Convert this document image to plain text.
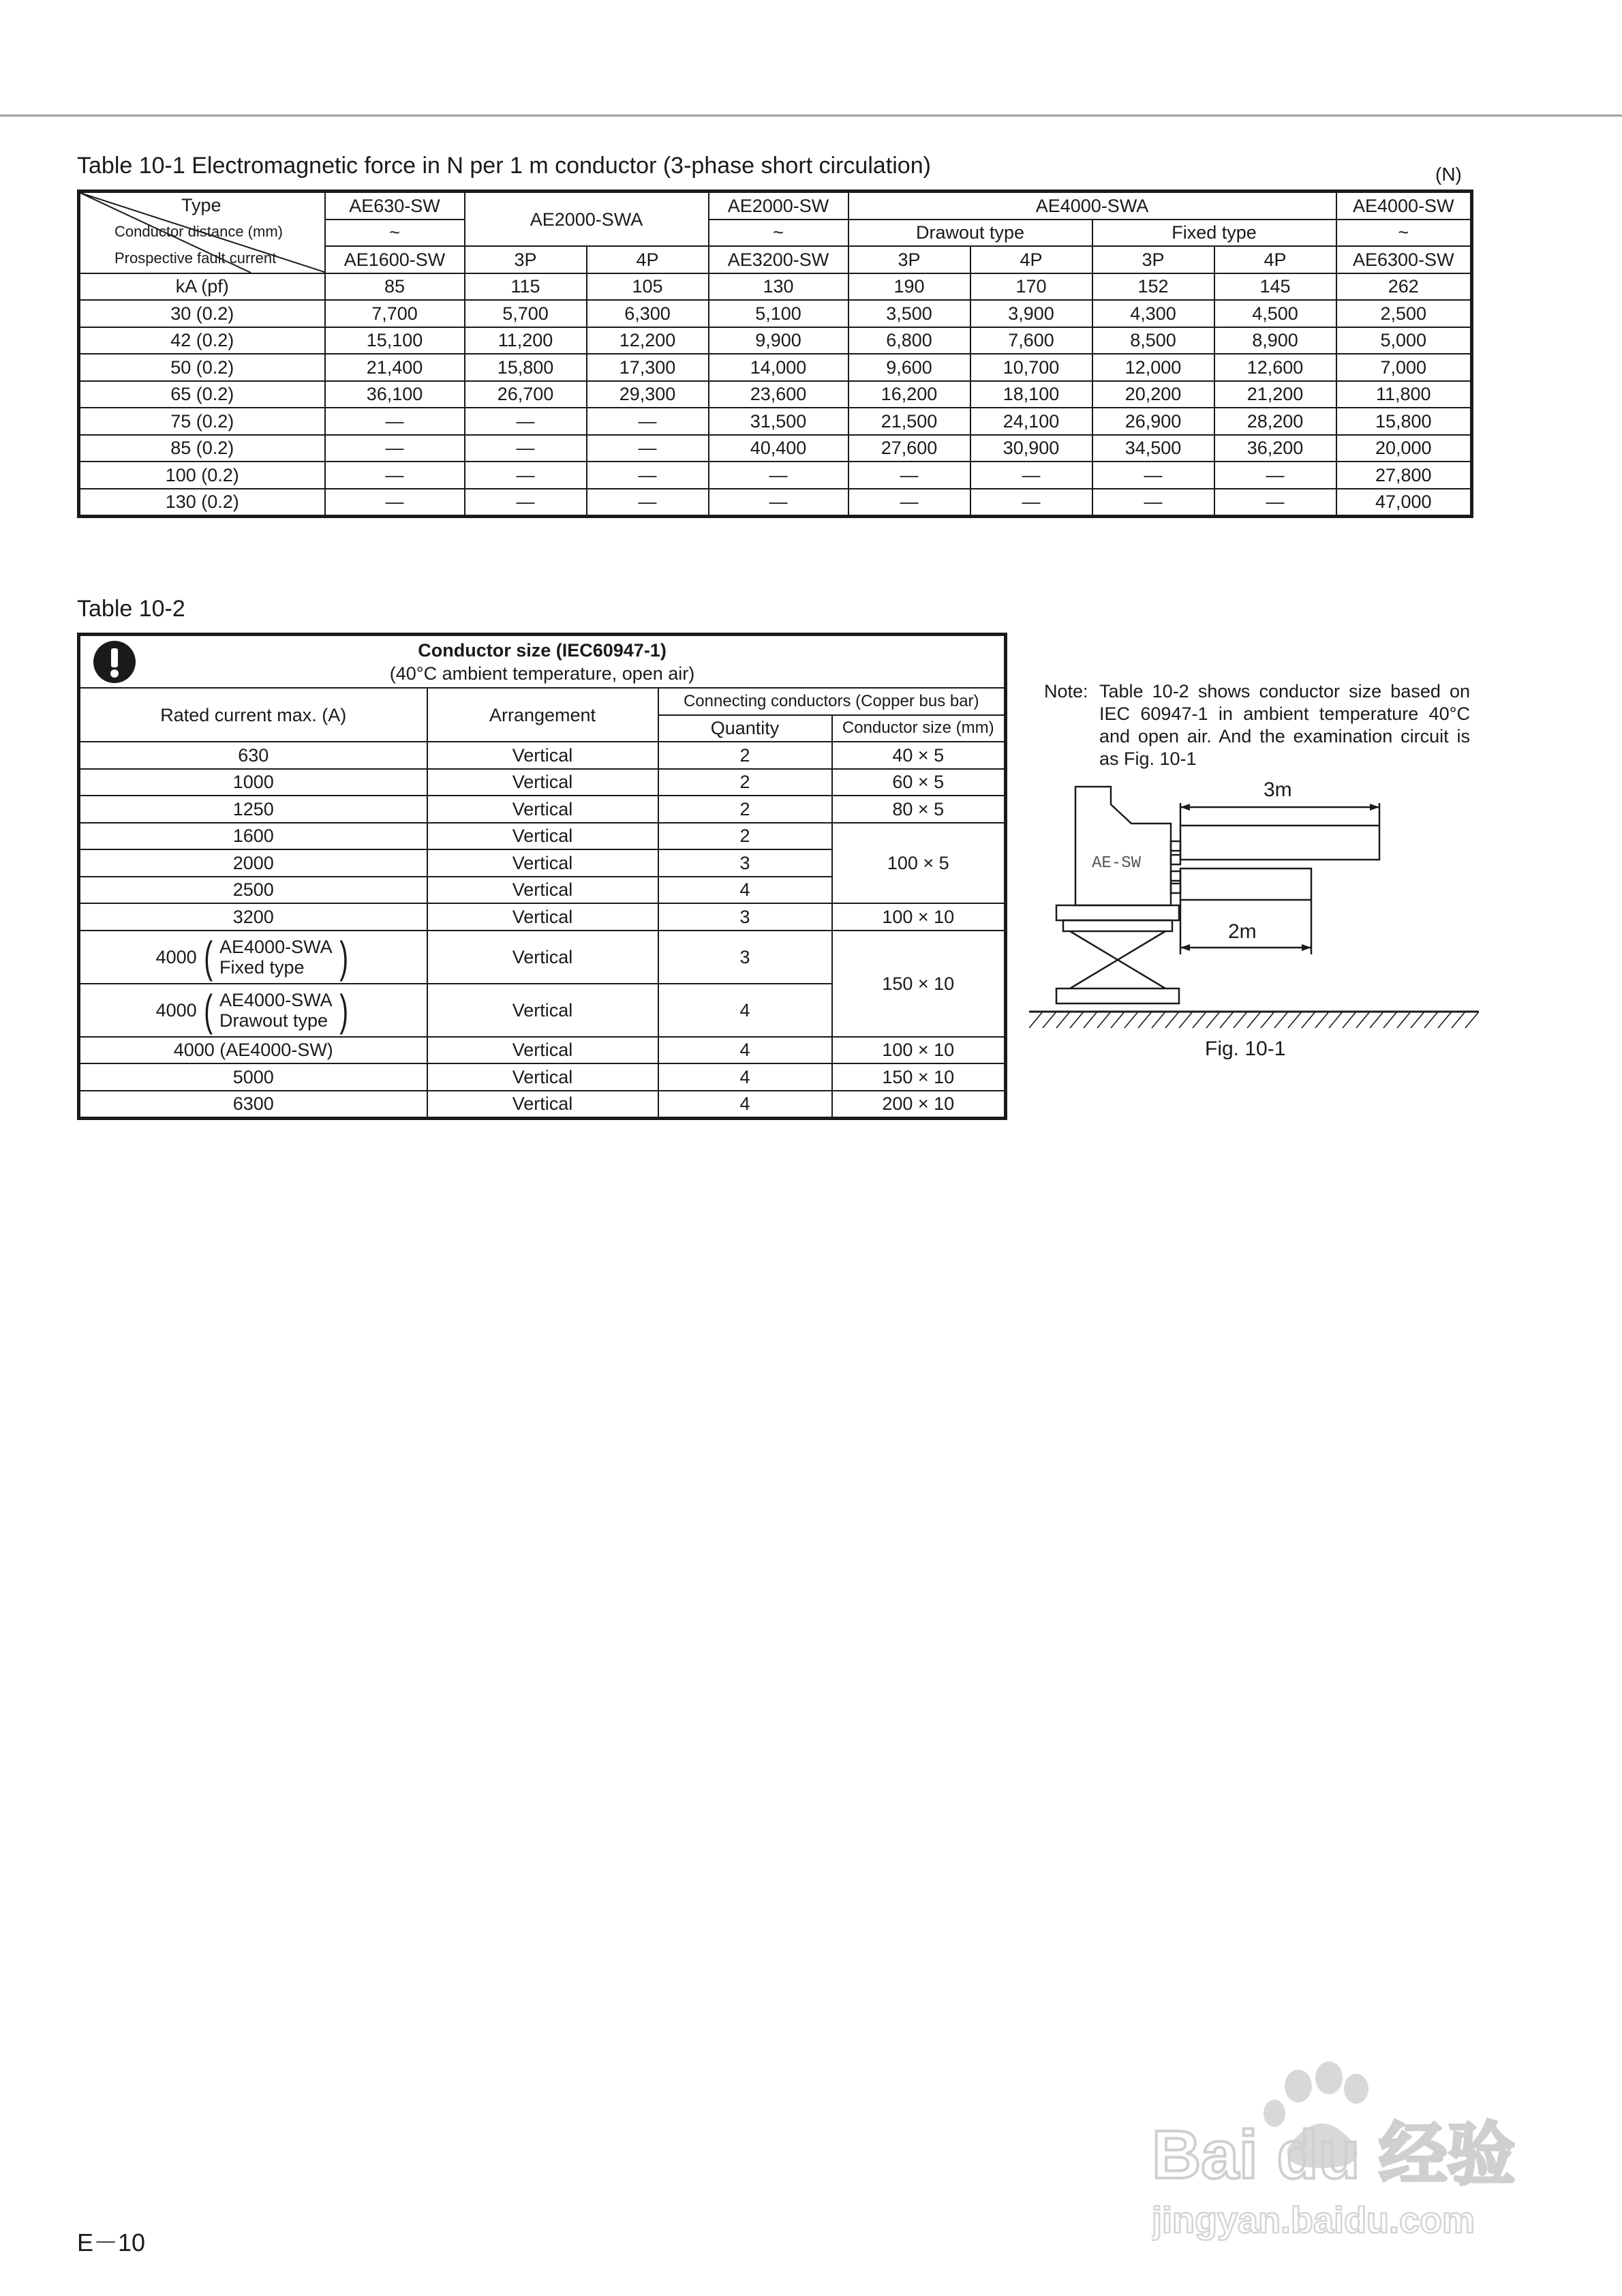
Table 10-1 Electromagnetic force in N per 1 m conductor (3-phase short circulation)	(N)
Type
Conductor distance (mm)
Prospective fault current	AE630-SW	AE2000-SWA		AE2000-SW	AE4000-SWA				AE4000-SW
	~			~	Drawout type		Fixed type		~
	AE1600-SW	3P	4P	AE3200-SW	3P	4P	3P	4P	AE6300-SW
kA (pf)	85	115	105	130	190	170	152	145	262
30 (0.2)	7,700	5,700	6,300	5,100	3,500	3,900	4,300	4,500	2,500
42 (0.2)	15,100	11,200	12,200	9,900	6,800	7,600	8,500	8,900	5,000
50 (0.2)	21,400	15,800	17,300	14,000	9,600	10,700	12,000	12,600	7,000
65 (0.2)	36,100	26,700	29,300	23,600	16,200	18,100	20,200	21,200	11,800
75 (0.2)	—	—	—	31,500	21,500	24,100	26,900	28,200	15,800
85 (0.2)	—	—	—	40,400	27,600	30,900	34,500	36,200	20,000
100 (0.2)	—	—	—	—	—	—	—	—	27,800
130 (0.2)	—	—	—	—	—	—	—	—	47,000
Table 10-2
Conductor size (IEC60947-1)
(40°C ambient temperature, open air)			

Rated current max. (A)	Arrangement	Connecting conductors (Copper bus bar)	
		Quantity	Conductor size (mm)
630	Vertical	2	40 × 5
1000	Vertical	2	60 × 5
1250	Vertical	2	80 × 5
1600	Vertical	2	100 × 5
2000	Vertical	3	
2500	Vertical	4	
3200	Vertical	3	100 × 10

4000 ( AE4000-SWA
Fixed type )	Vertical	3	150 × 10

4000 ( AE4000-SWA
Drawout type )	Vertical	4	
4000 (AE4000-SW)	Vertical	4	100 × 10
5000	Vertical	4	150 × 10
6300	Vertical	4	200 × 10
Note: Table 10-2 shows conductor size based on IEC 60947-1 in ambient temperature 40°C and open air. And the examination circuit is as Fig. 10-1
AE-SW
3m
2m
Fig. 10-1
E－10
Bai du 经验
jingyan.baidu.com
